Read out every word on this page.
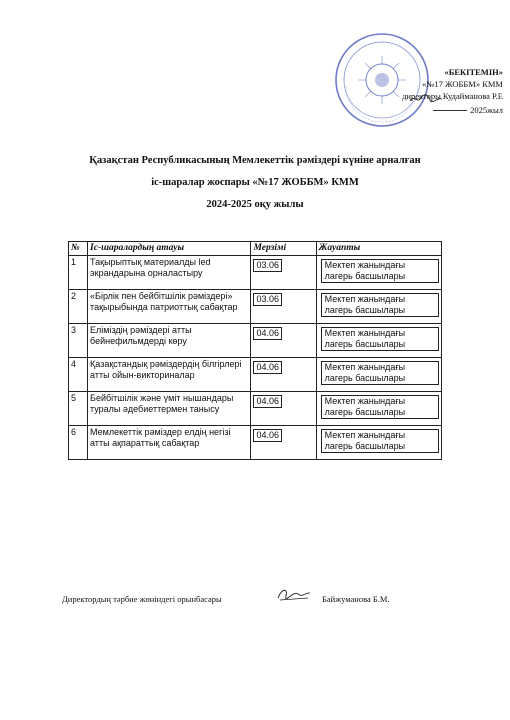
«БЕКІТЕМІН»
«№17 ЖОББМ» КММ
директоры Кудайманова Р.Е
2025жыл
Қазақстан Республикасының Мемлекеттік рәміздері күніне арналған
іс-шаралар жоспары «№17 ЖОББМ» КММ
2024-2025 оқу жылы
№	Іс-шаралардың атауы	Мерзімі	Жауапты
1	Тақырыптық материалды led экрандарына орналастыру	03.06	Мектеп жанындағы лагерь басшылары
2	«Бірлік пен бейбітшілік рәміздері» тақырыбында патриоттық сабақтар	03.06	Мектеп жанындағы лагерь басшылары
3	Еліміздің рәміздері атты бейнефильмдерді көру	04.06	Мектеп жанындағы лагерь басшылары
4	Қазақстандық рәміздердің білгірлері атты ойын-викториналар	04.06	Мектеп жанындағы лагерь басшылары
5	Бейбітшілік және үміт нышандары туралы әдебиеттермен танысу	04.06	Мектеп жанындағы лагерь басшылары
6	Мемлекеттік рәміздер елдің негізі атты ақпараттық сабақтар	04.06	Мектеп жанындағы лагерь басшылары
Директордың тәрбие жөніндегі орынбасары	Байжуманова Б.М.
